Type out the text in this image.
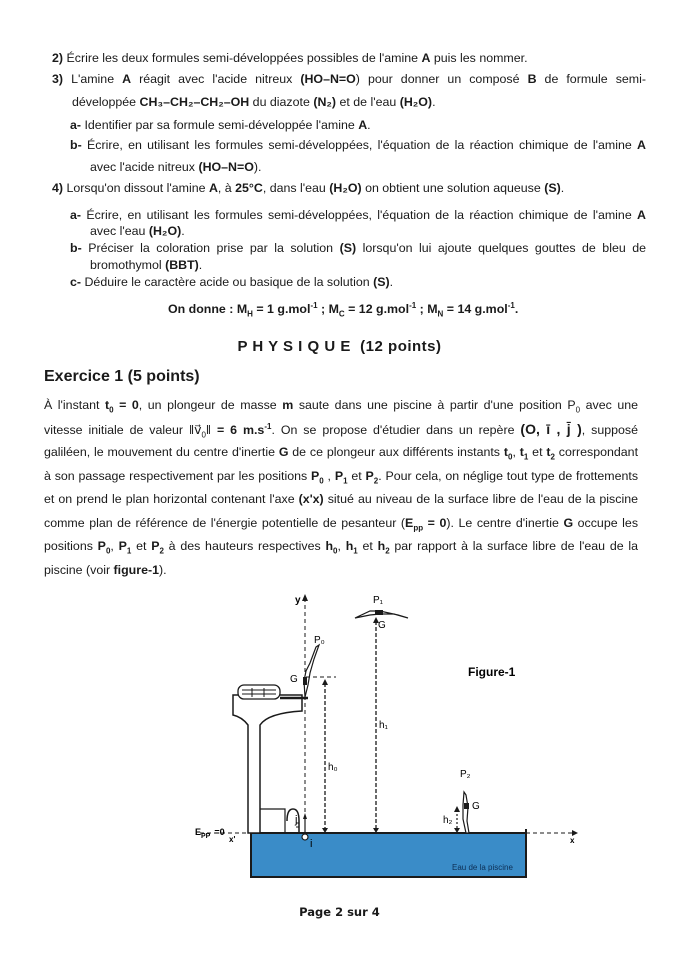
2) Écrire les deux formules semi-développées possibles de l'amine A puis les nommer.
3) L'amine A réagit avec l'acide nitreux (HO–N=O) pour donner un composé B de formule semi-
développée CH₃–CH₂–CH₂–OH du diazote (N₂) et de l'eau (H₂O).
a- Identifier par sa formule semi-développée l'amine A.
b- Écrire, en utilisant les formules semi-développées, l'équation de la réaction chimique de l'amine A
avec l'acide nitreux (HO–N=O).
4) Lorsqu'on dissout l'amine A, à 25°C, dans l'eau (H₂O) on obtient une solution aqueuse (S).
a- Écrire, en utilisant les formules semi-développées, l'équation de la réaction chimique de l'amine A
avec l'eau (H₂O).
b- Préciser la coloration prise par la solution (S) lorsqu'on lui ajoute quelques gouttes de bleu de
bromothymol (BBT).
c- Déduire le caractère acide ou basique de la solution (S).
On donne : $M_H = 1$ g.mol$^{-1}$ ; $M_C = 12$ g.mol$^{-1}$ ; $M_N = 14$ g.mol$^{-1}$.
P H Y S I Q U E  (12 points)
Exercice 1 (5 points)
À l'instant $t_0 = 0$, un plongeur de masse m saute dans une piscine à partir d'une position $P_0$ avec une
vitesse initiale de valeur $‖v⃗_0‖ = 6$ $m.s^{-1}$. On se propose d'étudier dans un repère (O, ī , j̄ ), supposé
galiléen, le mouvement du centre d'inertie G de ce plongeur aux différents instants $t_0$, $t_1$ et $t_2$ correspondant
à son passage respectivement par les positions $P_0$ , $P_1$ et $P_2$. Pour cela, on néglige tout type de frottements
et on prend le plan horizontal contenant l'axe (x'x) situé au niveau de la surface libre de l'eau de la piscine
comme plan de référence de l'énergie potentielle de pesanteur $(E_{pp} = 0)$. Le centre d'inertie G occupe les
positions $P_0$, $P_1$ et $P_2$ à des hauteurs respectives $h_0$, $h_1$ et $h_2$ par rapport à la surface libre de l'eau de la
piscine (voir figure-1).
y
P₀
G
P₁
G
h₀
h₁
Figure-1
P₂
G
h₂
j
i	x
x'
$E_{PP} =0$
Eau de la piscine
Page 2 sur 4
